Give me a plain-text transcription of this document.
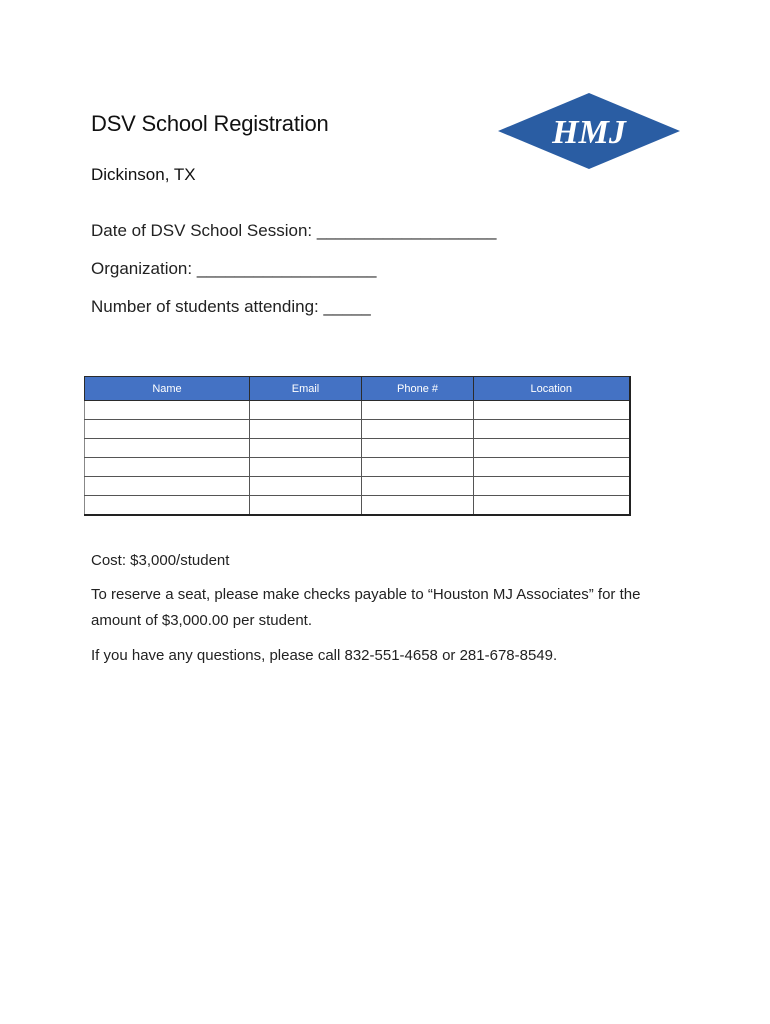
DSV School Registration
Dickinson, TX
HMJ
Date of DSV School Session: ___________________
Organization: ___________________
Number of students attending: _____
Name	Email	Phone #	Location

Cost: $3,000/student
To reserve a seat, please make checks payable to “Houston MJ Associates” for the
amount of $3,000.00 per student.
If you have any questions, please call 832-551-4658 or 281-678-8549.
